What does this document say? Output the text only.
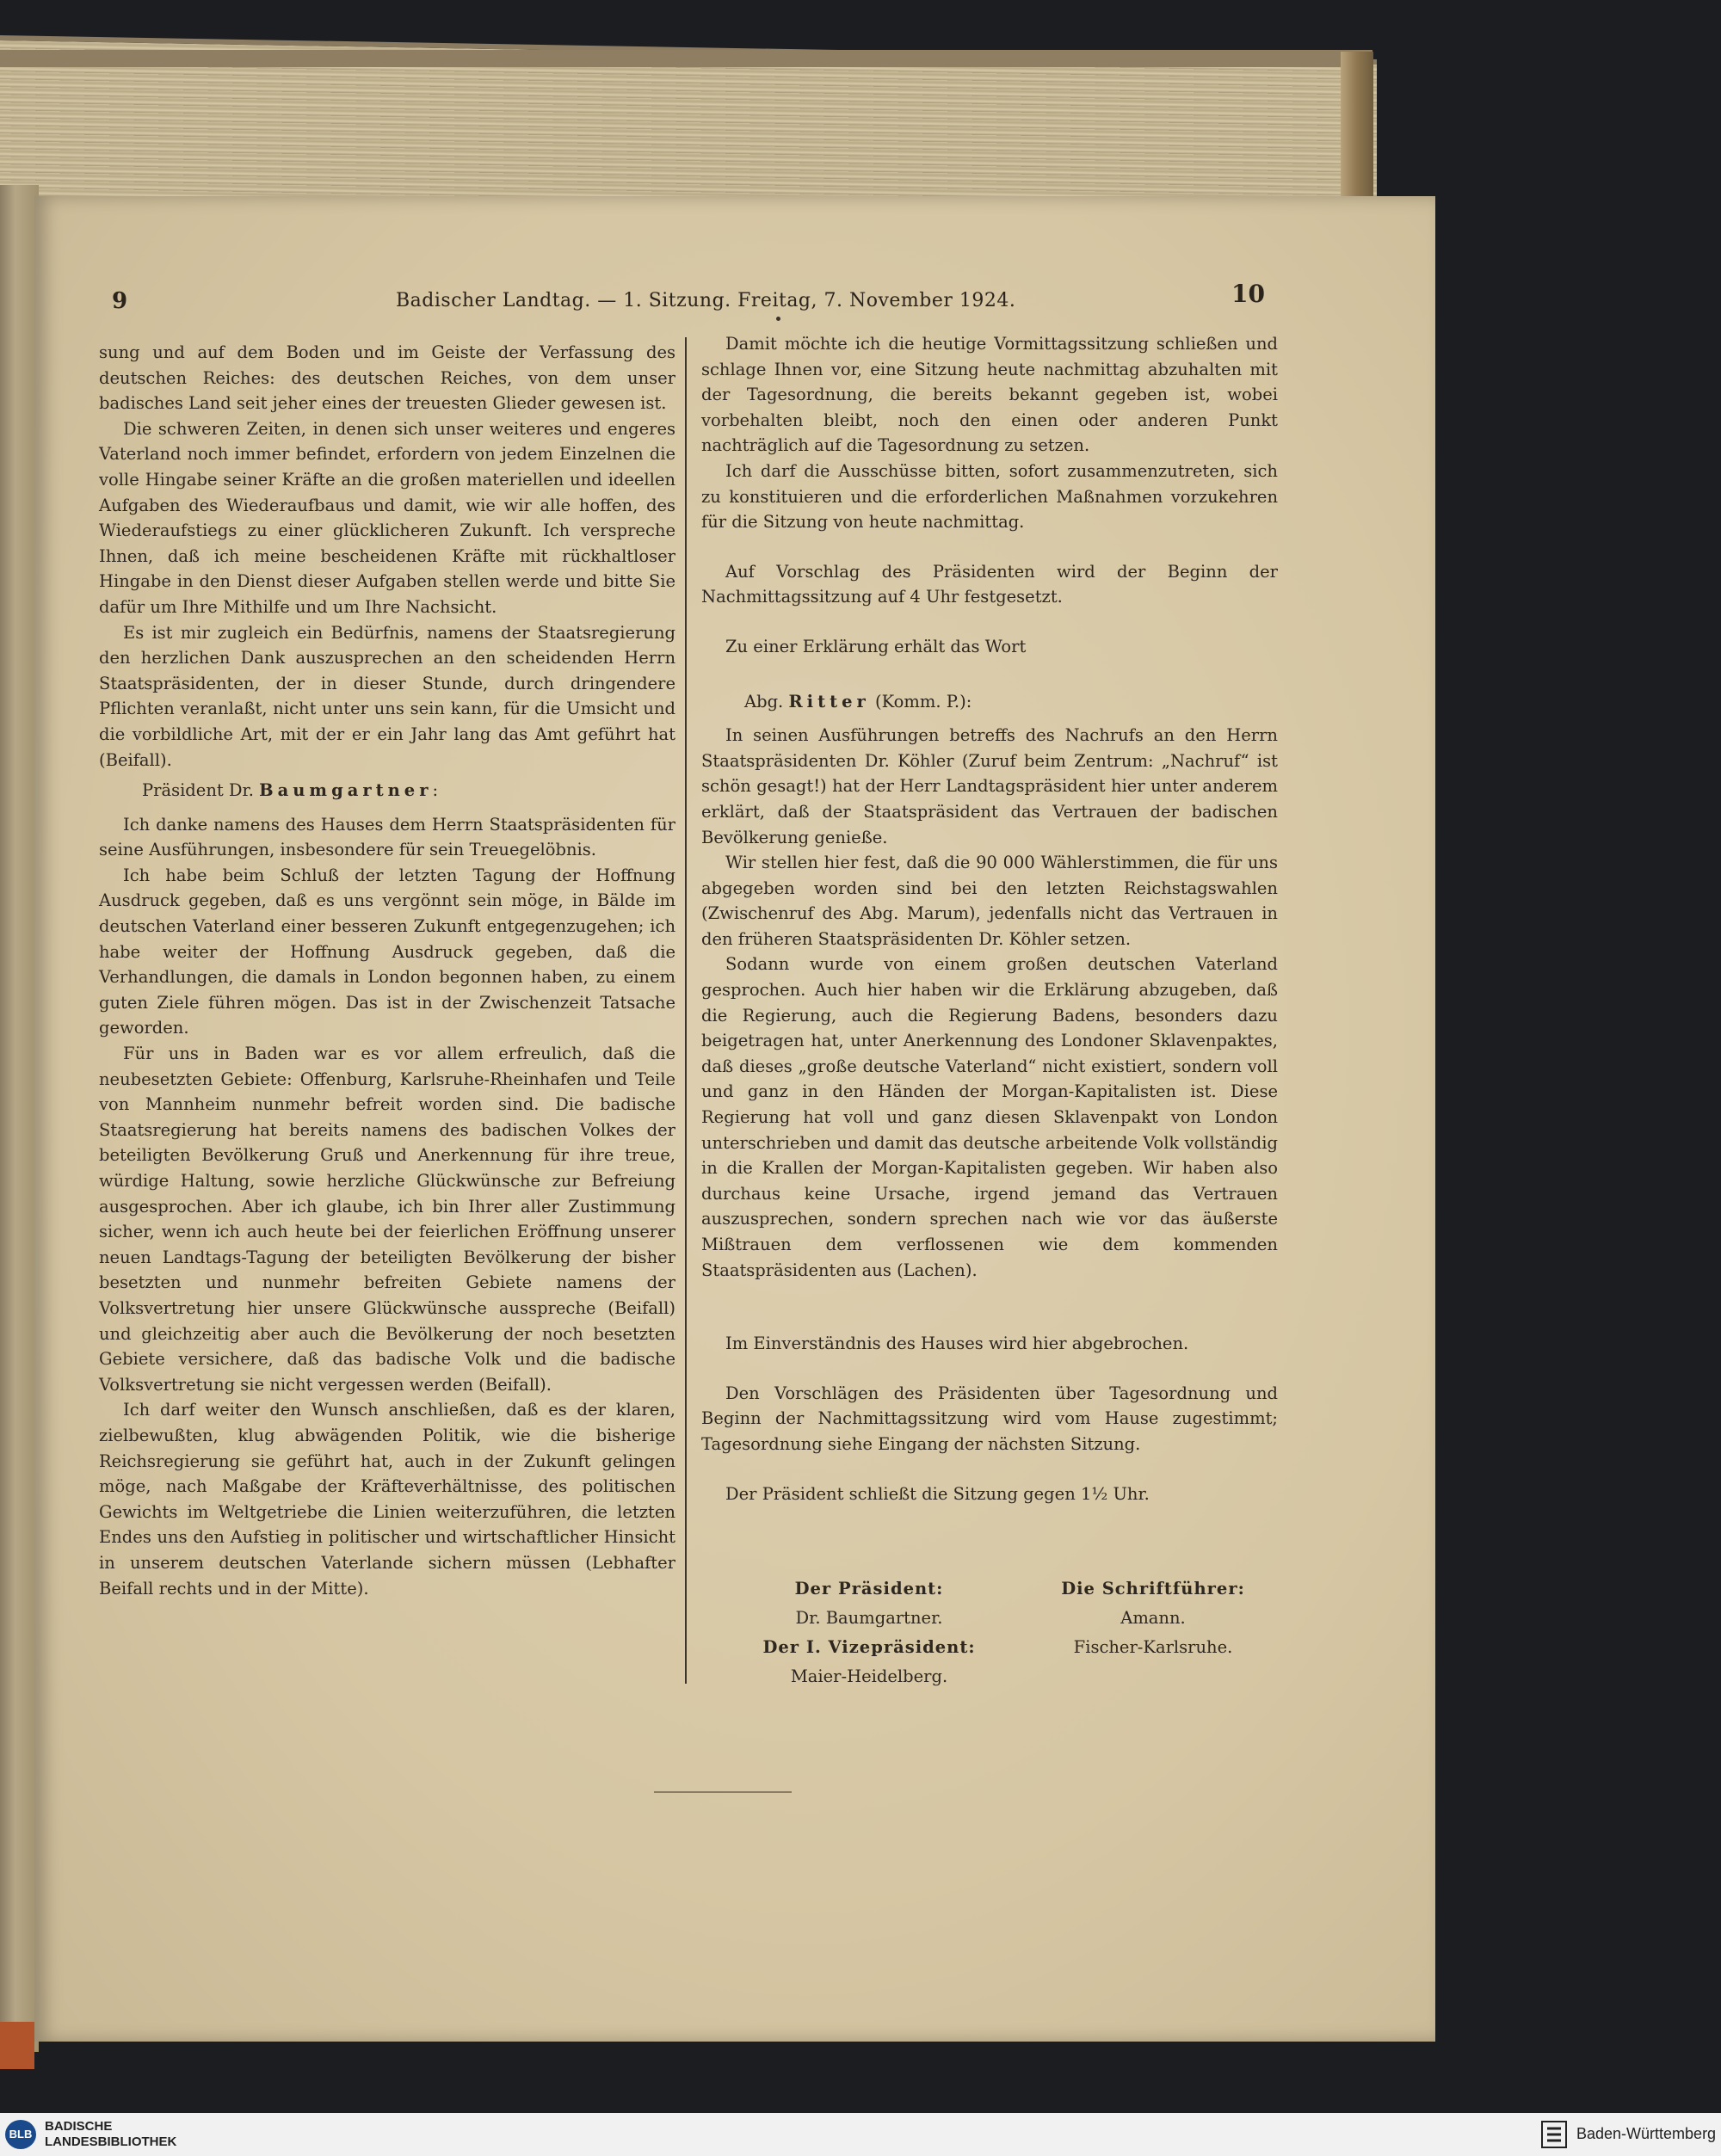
9	Badischer Landtag. — 1. Sitzung. Freitag, 7. November 1924.	10

sung und auf dem Boden und im Geiste der Verfassung des deutschen Reiches: des deutschen Reiches, von dem unser badisches Land seit jeher eines der treuesten Glieder gewesen ist.

Die schweren Zeiten, in denen sich unser weiteres und engeres Vaterland noch immer befindet, erfordern von jedem Einzelnen die volle Hingabe seiner Kräfte an die großen materiellen und ideellen Aufgaben des Wiederaufbaus und damit, wie wir alle hoffen, des Wiederaufstiegs zu einer glücklicheren Zukunft. Ich verspreche Ihnen, daß ich meine bescheidenen Kräfte mit rückhaltloser Hingabe in den Dienst dieser Aufgaben stellen werde und bitte Sie dafür um Ihre Mithilfe und um Ihre Nachsicht.

Es ist mir zugleich ein Bedürfnis, namens der Staatsregierung den herzlichen Dank auszusprechen an den scheidenden Herrn Staatspräsidenten, der in dieser Stunde, durch dringendere Pflichten veranlaßt, nicht unter uns sein kann, für die Umsicht und die vorbildliche Art, mit der er ein Jahr lang das Amt geführt hat (Beifall).

Präsident Dr. Baumgartner:

Ich danke namens des Hauses dem Herrn Staatspräsidenten für seine Ausführungen, insbesondere für sein Treuegelöbnis.

Ich habe beim Schluß der letzten Tagung der Hoffnung Ausdruck gegeben, daß es uns vergönnt sein möge, in Bälde im deutschen Vaterland einer besseren Zukunft entgegenzugehen; ich habe weiter der Hoffnung Ausdruck gegeben, daß die Verhandlungen, die damals in London begonnen haben, zu einem guten Ziele führen mögen. Das ist in der Zwischenzeit Tatsache geworden.

Für uns in Baden war es vor allem erfreulich, daß die neubesetzten Gebiete: Offenburg, Karlsruhe-Rheinhafen und Teile von Mannheim nunmehr befreit worden sind. Die badische Staatsregierung hat bereits namens des badischen Volkes der beteiligten Bevölkerung Gruß und Anerkennung für ihre treue, würdige Haltung, sowie herzliche Glückwünsche zur Befreiung ausgesprochen. Aber ich glaube, ich bin Ihrer aller Zustimmung sicher, wenn ich auch heute bei der feierlichen Eröffnung unserer neuen Landtags-Tagung der beteiligten Bevölkerung der bisher besetzten und nunmehr befreiten Gebiete namens der Volksvertretung hier unsere Glückwünsche ausspreche (Beifall) und gleichzeitig aber auch die Bevölkerung der noch besetzten Gebiete versichere, daß das badische Volk und die badische Volksvertretung sie nicht vergessen werden (Beifall).

Ich darf weiter den Wunsch anschließen, daß es der klaren, zielbewußten, klug abwägenden Politik, wie die bisherige Reichsregierung sie geführt hat, auch in der Zukunft gelingen möge, nach Maßgabe der Kräfteverhältnisse, des politischen Gewichts im Weltgetriebe die Linien weiterzuführen, die letzten Endes uns den Aufstieg in politischer und wirtschaftlicher Hinsicht in unserem deutschen Vaterlande sichern müssen (Lebhafter Beifall rechts und in der Mitte).

Damit möchte ich die heutige Vormittagssitzung schließen und schlage Ihnen vor, eine Sitzung heute nachmittag abzuhalten mit der Tagesordnung, die bereits bekannt gegeben ist, wobei vorbehalten bleibt, noch den einen oder anderen Punkt nachträglich auf die Tagesordnung zu setzen.

Ich darf die Ausschüsse bitten, sofort zusammenzutreten, sich zu konstituieren und die erforderlichen Maßnahmen vorzukehren für die Sitzung von heute nachmittag.

Auf Vorschlag des Präsidenten wird der Beginn der Nachmittagssitzung auf 4 Uhr festgesetzt.

Zu einer Erklärung erhält das Wort

Abg. Ritter (Komm. P.):

In seinen Ausführungen betreffs des Nachrufs an den Herrn Staatspräsidenten Dr. Köhler (Zuruf beim Zentrum: „Nachruf“ ist schön gesagt!) hat der Herr Landtagspräsident hier unter anderem erklärt, daß der Staatspräsident das Vertrauen der badischen Bevölkerung genieße.

Wir stellen hier fest, daß die 90 000 Wählerstimmen, die für uns abgegeben worden sind bei den letzten Reichstagswahlen (Zwischenruf des Abg. Marum), jedenfalls nicht das Vertrauen in den früheren Staatspräsidenten Dr. Köhler setzen.

Sodann wurde von einem großen deutschen Vaterland gesprochen. Auch hier haben wir die Erklärung abzugeben, daß die Regierung, auch die Regierung Badens, besonders dazu beigetragen hat, unter Anerkennung des Londoner Sklavenpaktes, daß dieses „große deutsche Vaterland“ nicht existiert, sondern voll und ganz in den Händen der Morgan-Kapitalisten ist. Diese Regierung hat voll und ganz diesen Sklavenpakt von London unterschrieben und damit das deutsche arbeitende Volk vollständig in die Krallen der Morgan-Kapitalisten gegeben. Wir haben also durchaus keine Ursache, irgend jemand das Vertrauen auszusprechen, sondern sprechen nach wie vor das äußerste Mißtrauen dem verflossenen wie dem kommenden Staatspräsidenten aus (Lachen).

Im Einverständnis des Hauses wird hier abgebrochen.

Den Vorschlägen des Präsidenten über Tagesordnung und Beginn der Nachmittagssitzung wird vom Hause zugestimmt; Tagesordnung siehe Eingang der nächsten Sitzung.

Der Präsident schließt die Sitzung gegen 1½ Uhr.

Der Präsident:
Dr. Baumgartner.
Der I. Vizepräsident:
Maier-Heidelberg.
Die Schriftführer:
Amann.
Fischer-Karlsruhe.
BLB
BADISCHE
LANDESBIBLIOTHEK	Baden-Württemberg
